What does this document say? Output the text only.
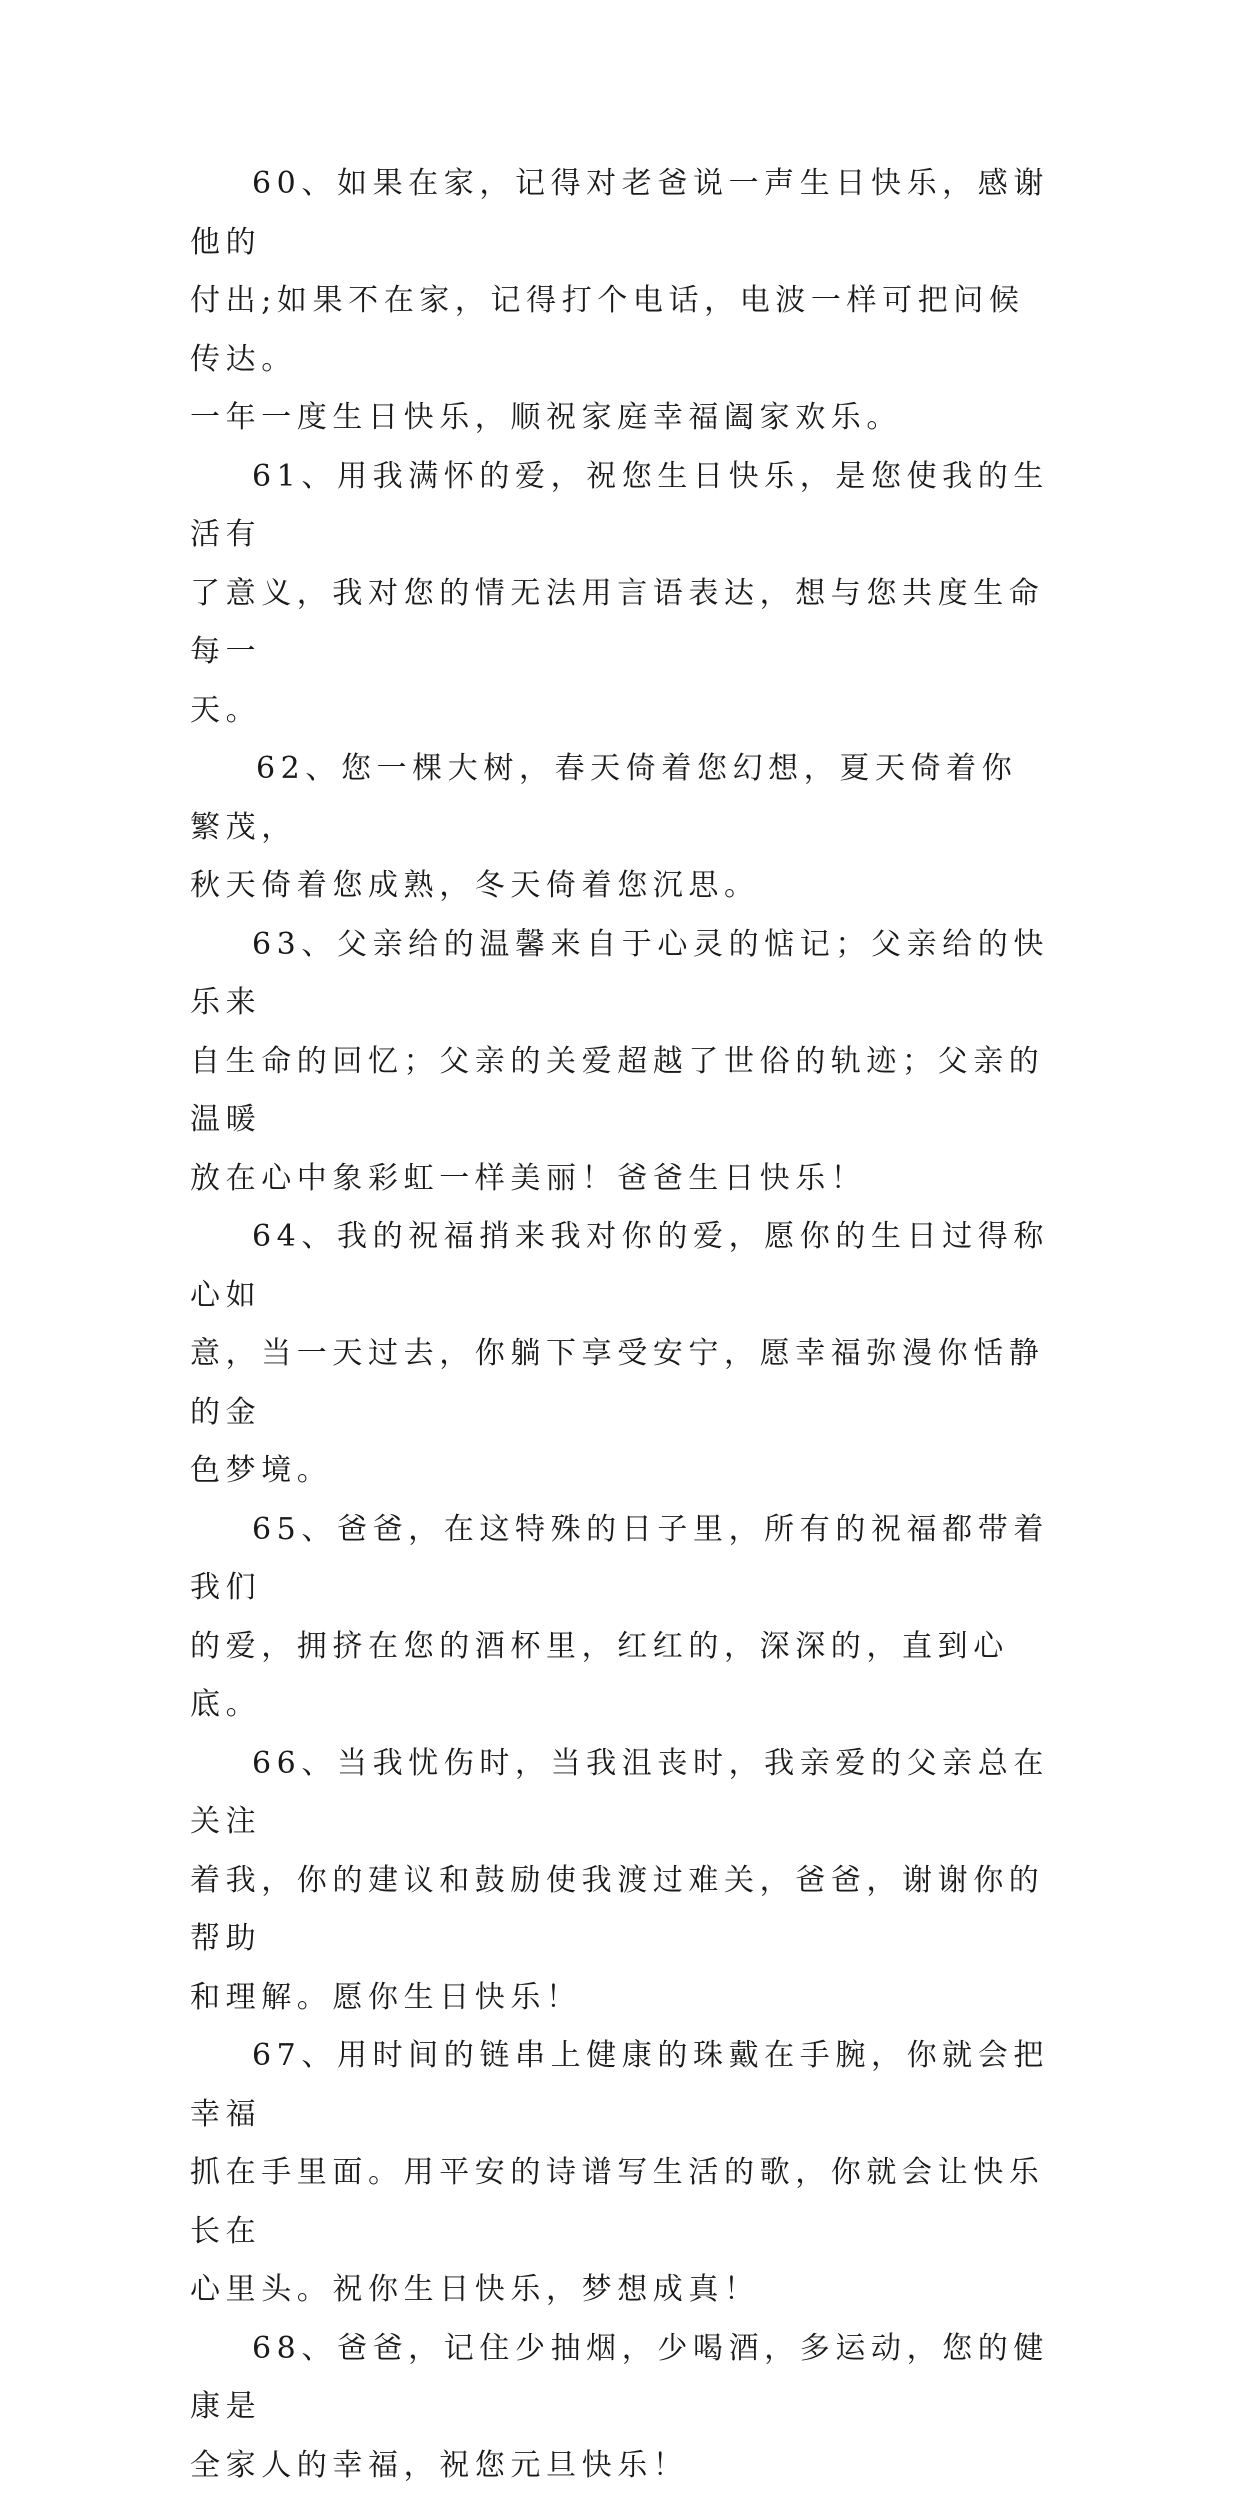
60、如果在家，记得对老爸说一声生日快乐，感谢他的
付出;如果不在家，记得打个电话，电波一样可把问候传达。
一年一度生日快乐，顺祝家庭幸福阖家欢乐。

61、用我满怀的爱，祝您生日快乐，是您使我的生活有
了意义，我对您的情无法用言语表达，想与您共度生命每一
天。

62、您一棵大树，春天倚着您幻想，夏天倚着你繁茂，
秋天倚着您成熟，冬天倚着您沉思。

63、父亲给的温馨来自于心灵的惦记；父亲给的快乐来
自生命的回忆；父亲的关爱超越了世俗的轨迹；父亲的温暖
放在心中象彩虹一样美丽！爸爸生日快乐！

64、我的祝福捎来我对你的爱，愿你的生日过得称心如
意，当一天过去，你躺下享受安宁，愿幸福弥漫你恬静的金
色梦境。

65、爸爸，在这特殊的日子里，所有的祝福都带着我们
的爱，拥挤在您的酒杯里，红红的，深深的，直到心底。

66、当我忧伤时，当我沮丧时，我亲爱的父亲总在关注
着我，你的建议和鼓励使我渡过难关，爸爸，谢谢你的帮助
和理解。愿你生日快乐！

67、用时间的链串上健康的珠戴在手腕，你就会把幸福
抓在手里面。用平安的诗谱写生活的歌，你就会让快乐长在
心里头。祝你生日快乐，梦想成真！

68、爸爸，记住少抽烟，少喝酒，多运动，您的健康是
全家人的幸福，祝您元旦快乐！
